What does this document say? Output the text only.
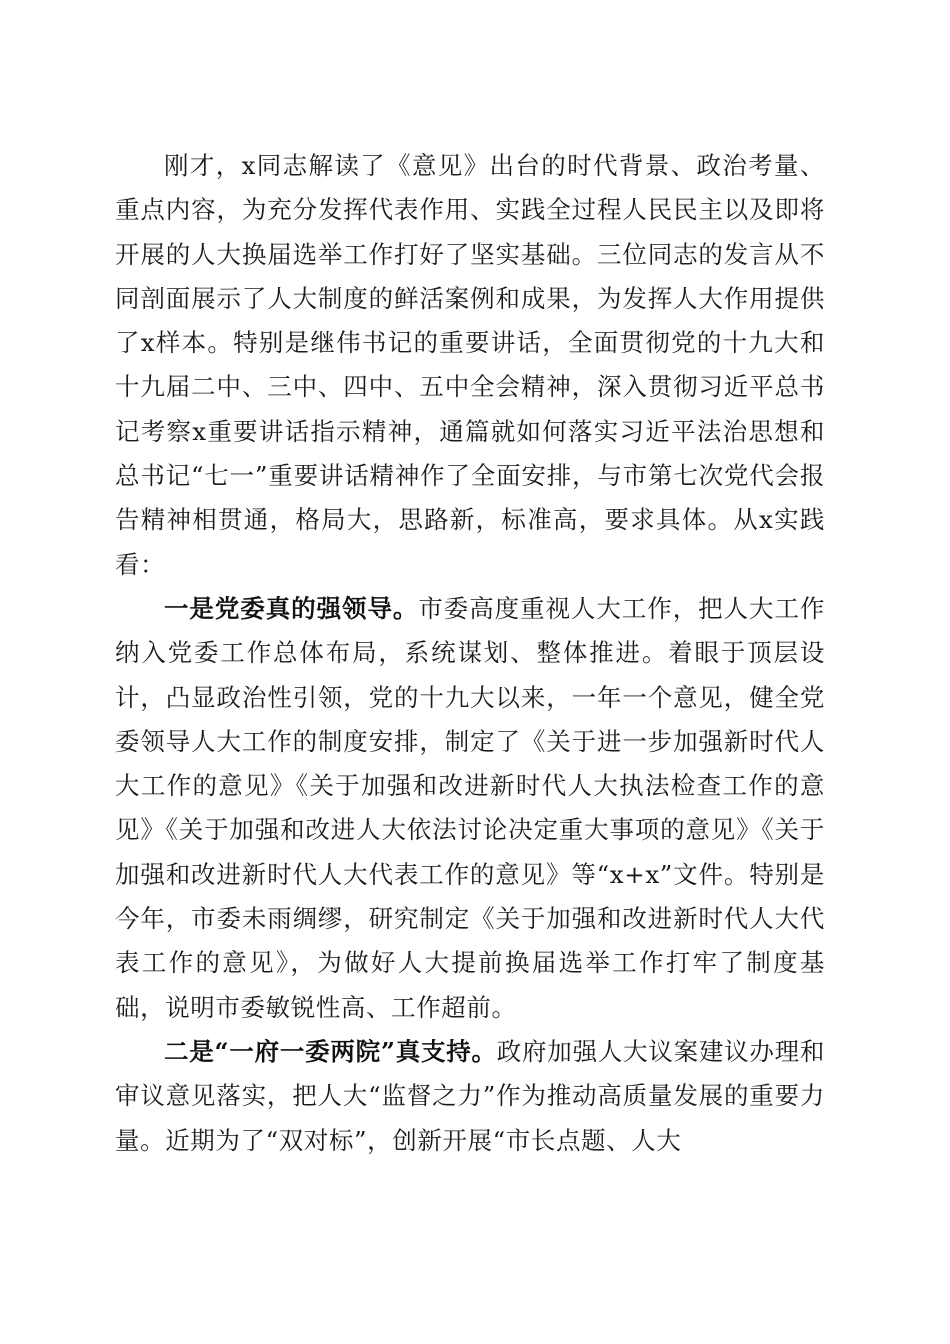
刚才，x同志解读了《意见》出台的时代背景、政治考量、重点内容，为充分发挥代表作用、实践全过程人民民主以及即将开展的人大换届选举工作打好了坚实基础。三位同志的发言从不同剖面展示了人大制度的鲜活案例和成果，为发挥人大作用提供了x样本。特别是继伟书记的重要讲话，全面贯彻党的十九大和十九届二中、三中、四中、五中全会精神，深入贯彻习近平总书记考察x重要讲话指示精神，通篇就如何落实习近平法治思想和总书记“七一”重要讲话精神作了全面安排，与市第七次党代会报告精神相贯通，格局大，思路新，标准高，要求具体。从x实践看：

一是党委真的强领导。市委高度重视人大工作，把人大工作纳入党委工作总体布局，系统谋划、整体推进。着眼于顶层设计，凸显政治性引领，党的十九大以来，一年一个意见，健全党委领导人大工作的制度安排，制定了《关于进一步加强新时代人大工作的意见》《关于加强和改进新时代人大执法检查工作的意见》《关于加强和改进人大依法讨论决定重大事项的意见》《关于加强和改进新时代人大代表工作的意见》等“x+x”文件。特别是今年，市委未雨绸缪，研究制定《关于加强和改进新时代人大代表工作的意见》，为做好人大提前换届选举工作打牢了制度基础，说明市委敏锐性高、工作超前。

二是“一府一委两院”真支持。政府加强人大议案建议办理和审议意见落实，把人大“监督之力”作为推动高质量发展的重要力量。近期为了“双对标”，创新开展“市长点题、人大
